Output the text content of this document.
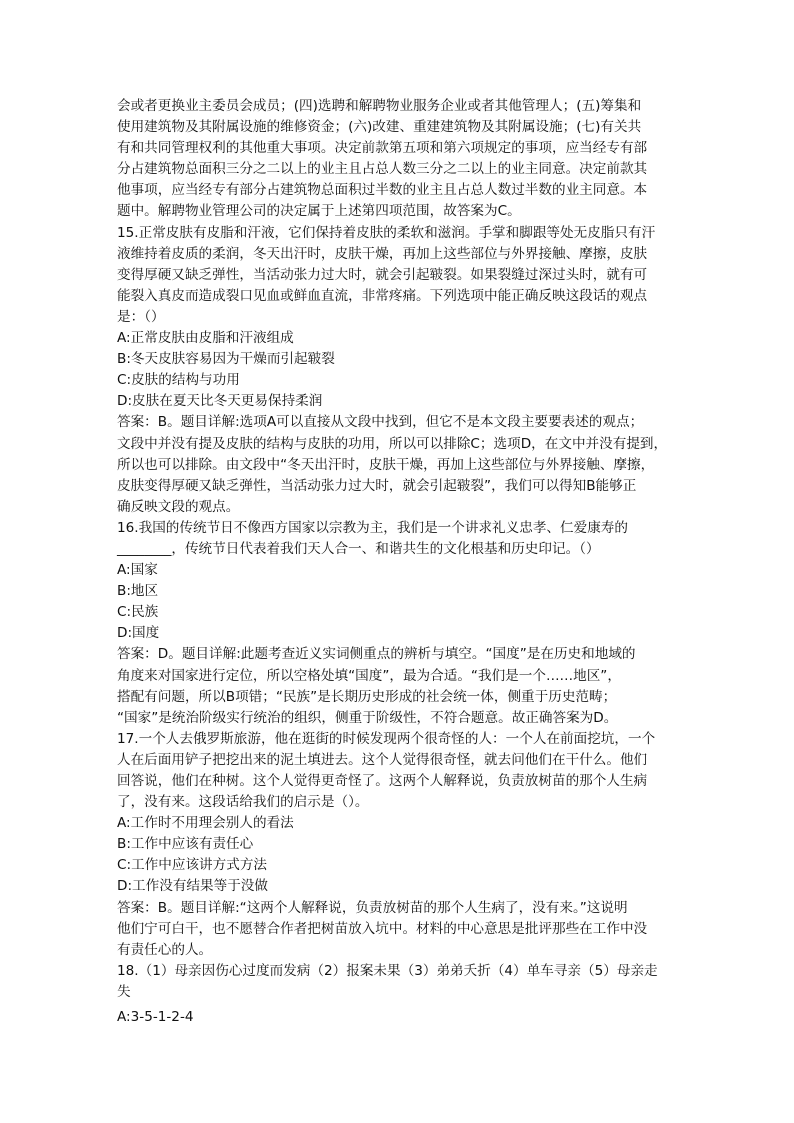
会或者更换业主委员会成员；(四)选聘和解聘物业服务企业或者其他管理人；(五)筹集和
使用建筑物及其附属设施的维修资金；(六)改建、重建建筑物及其附属设施；(七)有关共
有和共同管理权利的其他重大事项。决定前款第五项和第六项规定的事项，应当经专有部
分占建筑物总面积三分之二以上的业主且占总人数三分之二以上的业主同意。决定前款其
他事项，应当经专有部分占建筑物总面积过半数的业主且占总人数过半数的业主同意。本
题中。解聘物业管理公司的决定属于上述第四项范围，故答案为C。
15.正常皮肤有皮脂和汗液，它们保持着皮肤的柔软和滋润。手掌和脚跟等处无皮脂只有汗
液维持着皮质的柔润，冬天出汗时，皮肤干燥，再加上这些部位与外界接触、摩擦，皮肤
变得厚硬又缺乏弹性，当活动张力过大时，就会引起皲裂。如果裂缝过深过头时，就有可
能裂入真皮而造成裂口见血或鲜血直流，非常疼痛。下列选项中能正确反映这段话的观点
是：（）
A:正常皮肤由皮脂和汗液组成
B:冬天皮肤容易因为干燥而引起皲裂
C:皮肤的结构与功用
D:皮肤在夏天比冬天更易保持柔润
答案：B。题目详解:选项A可以直接从文段中找到，但它不是本文段主要要表述的观点；
文段中并没有提及皮肤的结构与皮肤的功用，所以可以排除C；选项D，在文中并没有提到，
所以也可以排除。由文段中“冬天出汗时，皮肤干燥，再加上这些部位与外界接触、摩擦，
皮肤变得厚硬又缺乏弹性，当活动张力过大时，就会引起皲裂”，我们可以得知B能够正
确反映文段的观点。
16.我国的传统节日不像西方国家以宗教为主，我们是一个讲求礼义忠孝、仁爱康寿的
________，传统节日代表着我们天人合一、和谐共生的文化根基和历史印记。（）
A:国家
B:地区
C:民族
D:国度
答案：D。题目详解:此题考查近义实词侧重点的辨析与填空。“国度”是在历史和地域的
角度来对国家进行定位，所以空格处填“国度”，最为合适。“我们是一个……地区”，
搭配有问题，所以B项错；“民族”是长期历史形成的社会统一体，侧重于历史范畴；
“国家”是统治阶级实行统治的组织，侧重于阶级性，不符合题意。故正确答案为D。
17.一个人去俄罗斯旅游，他在逛街的时候发现两个很奇怪的人：一个人在前面挖坑，一个
人在后面用铲子把挖出来的泥土填进去。这个人觉得很奇怪，就去问他们在干什么。他们
回答说，他们在种树。这个人觉得更奇怪了。这两个人解释说，负责放树苗的那个人生病
了，没有来。这段话给我们的启示是（）。
A:工作时不用理会别人的看法
B:工作中应该有责任心
C:工作中应该讲方式方法
D:工作没有结果等于没做
答案：B。题目详解:“这两个人解释说，负责放树苗的那个人生病了，没有来。”这说明
他们宁可白干，也不愿替合作者把树苗放入坑中。材料的中心意思是批评那些在工作中没
有责任心的人。
18.（1）母亲因伤心过度而发病（2）报案未果（3）弟弟夭折（4）单车寻亲（5）母亲走
失
A:3-5-1-2-4
